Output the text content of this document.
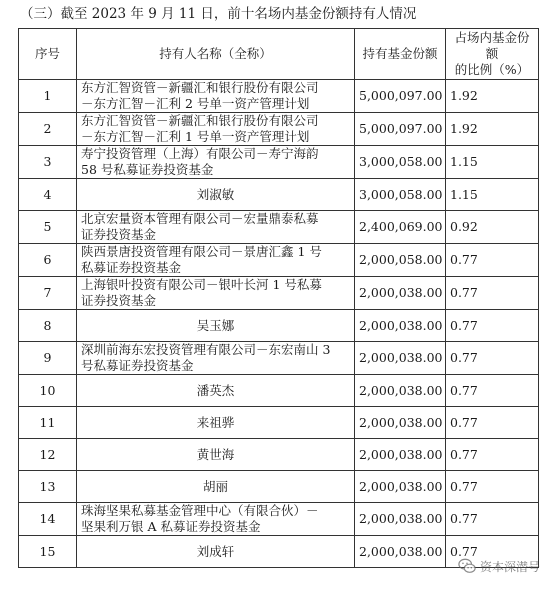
（三）截至 2023 年 9 月 11 日，前十名场内基金份额持有人情况
序号	持有人名称（全称）	持有基金份额	占场内基金份额
的比例（%）

1	东方汇智资管－新疆汇和银行股份有限公司
－东方汇智－汇利 2 号单一资产管理计划	5,000,097.00	1.92
2	东方汇智资管－新疆汇和银行股份有限公司
－东方汇智－汇利 1 号单一资产管理计划	5,000,097.00	1.92
3	寿宁投资管理（上海）有限公司－寿宁海韵
58 号私募证券投资基金	3,000,058.00	1.15
4	刘淑敏	3,000,058.00	1.15
5	北京宏量资本管理有限公司－宏量鼎泰私募
证券投资基金	2,400,069.00	0.92
6	陕西景唐投资管理有限公司－景唐汇鑫 1 号
私募证券投资基金	2,000,058.00	0.77
7	上海银叶投资有限公司－银叶长河 1 号私募
证券投资基金	2,000,038.00	0.77
8	吴玉娜	2,000,038.00	0.77
9	深圳前海东宏投资管理有限公司－东宏南山 3
号私募证券投资基金	2,000,038.00	0.77
10	潘英杰	2,000,038.00	0.77
11	来祖骅	2,000,038.00	0.77
12	黄世海	2,000,038.00	0.77
13	胡丽	2,000,038.00	0.77
14	珠海坚果私募基金管理中心（有限合伙）－
坚果利万银 A 私募证券投资基金	2,000,038.00	0.77
15	刘成轩	2,000,038.00	0.77
资本深潜号
